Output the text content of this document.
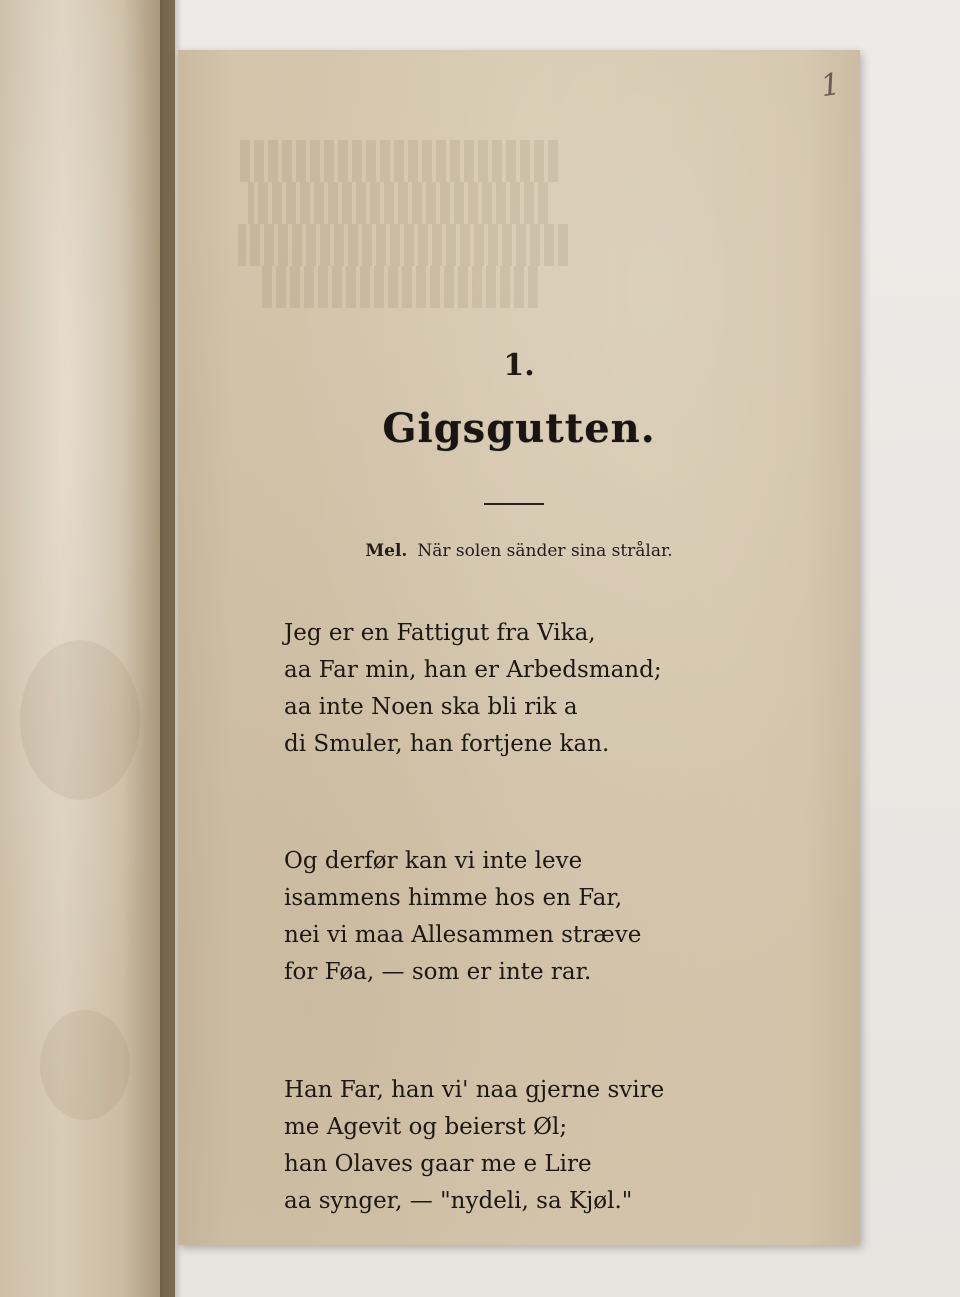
1
1.
Gigsgutten.
Mel. När solen sänder sina strålar.
Jeg er en Fattigut fra Vika,
aa Far min, han er Arbedsmand;
aa inte Noen ska bli rik a
di Smuler, han fortjene kan.
Og derfør kan vi inte leve
isammens himme hos en Far,
nei vi maa Allesammen stræve
for Føa, — som er inte rar.
Han Far, han vi' naa gjerne svire
me Agevit og beierst Øl;
han Olaves gaar me e Lire
aa synger, — "nydeli, sa Kjøl."
